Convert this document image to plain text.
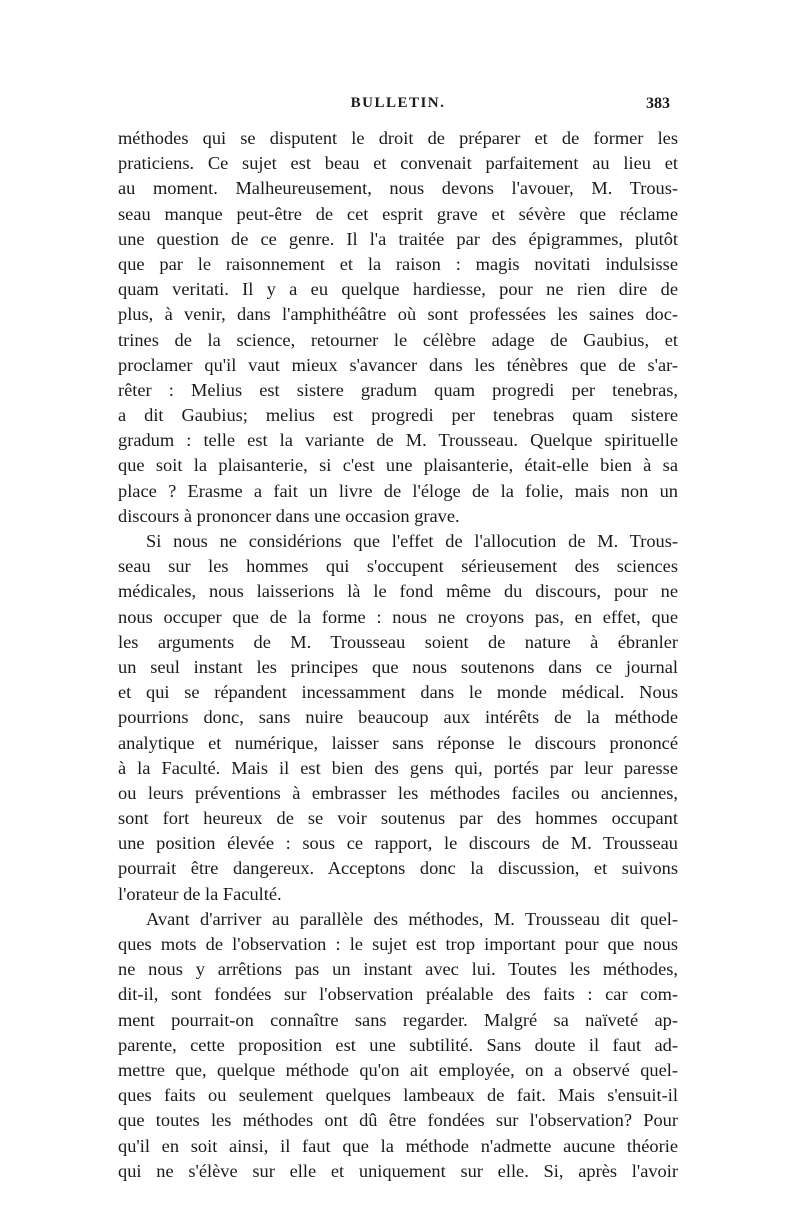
BULLETIN.	383
méthodes qui se disputent le droit de préparer et de former les
praticiens. Ce sujet est beau et convenait parfaitement au lieu et
au moment. Malheureusement, nous devons l'avouer, M. Trous-
seau manque peut-être de cet esprit grave et sévère que réclame
une question de ce genre. Il l'a traitée par des épigrammes, plutôt
que par le raisonnement et la raison : magis novitati indulsisse
quam veritati. Il y a eu quelque hardiesse, pour ne rien dire de
plus, à venir, dans l'amphithéâtre où sont professées les saines doc-
trines de la science, retourner le célèbre adage de Gaubius, et
proclamer qu'il vaut mieux s'avancer dans les ténèbres que de s'ar-
rêter : Melius est sistere gradum quam progredi per tenebras,
a dit Gaubius; melius est progredi per tenebras quam sistere
gradum : telle est la variante de M. Trousseau. Quelque spirituelle
que soit la plaisanterie, si c'est une plaisanterie, était-elle bien à sa
place ? Erasme a fait un livre de l'éloge de la folie, mais non un
discours à prononcer dans une occasion grave.
Si nous ne considérions que l'effet de l'allocution de M. Trous-
seau sur les hommes qui s'occupent sérieusement des sciences
médicales, nous laisserions là le fond même du discours, pour ne
nous occuper que de la forme : nous ne croyons pas, en effet, que
les arguments de M. Trousseau soient de nature à ébranler
un seul instant les principes que nous soutenons dans ce journal
et qui se répandent incessamment dans le monde médical. Nous
pourrions donc, sans nuire beaucoup aux intérêts de la méthode
analytique et numérique, laisser sans réponse le discours prononcé
à la Faculté. Mais il est bien des gens qui, portés par leur paresse
ou leurs préventions à embrasser les méthodes faciles ou anciennes,
sont fort heureux de se voir soutenus par des hommes occupant
une position élevée : sous ce rapport, le discours de M. Trousseau
pourrait être dangereux. Acceptons donc la discussion, et suivons
l'orateur de la Faculté.
Avant d'arriver au parallèle des méthodes, M. Trousseau dit quel-
ques mots de l'observation : le sujet est trop important pour que nous
ne nous y arrêtions pas un instant avec lui. Toutes les méthodes,
dit-il, sont fondées sur l'observation préalable des faits : car com-
ment pourrait-on connaître sans regarder. Malgré sa naïveté ap-
parente, cette proposition est une subtilité. Sans doute il faut ad-
mettre que, quelque méthode qu'on ait employée, on a observé quel-
ques faits ou seulement quelques lambeaux de fait. Mais s'ensuit-il
que toutes les méthodes ont dû être fondées sur l'observation? Pour
qu'il en soit ainsi, il faut que la méthode n'admette aucune théorie
qui ne s'élève sur elle et uniquement sur elle. Si, après l'avoir
